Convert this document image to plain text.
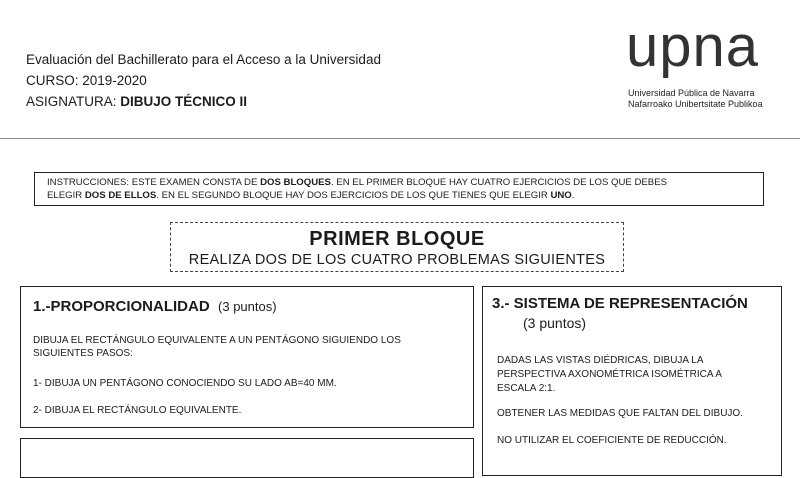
Evaluación del Bachillerato para el Acceso a la Universidad
CURSO: 2019-2020
ASIGNATURA: DIBUJO TÉCNICO II
upna
Universidad Pública de Navarra
Nafarroako Unibertsitate Publikoa
INSTRUCCIONES: ESTE EXAMEN CONSTA DE DOS BLOQUES. EN EL PRIMER BLOQUE HAY CUATRO EJERCICIOS DE LOS QUE DEBES
ELEGIR DOS DE ELLOS. EN EL SEGUNDO BLOQUE HAY DOS EJERCICIOS DE LOS QUE TIENES QUE ELEGIR UNO.
PRIMER BLOQUE
REALIZA DOS DE LOS CUATRO PROBLEMAS SIGUIENTES
1.-PROPORCIONALIDAD (3 puntos)
DIBUJA EL RECTÁNGULO EQUIVALENTE A UN PENTÁGONO SIGUIENDO LOS
SIGUIENTES PASOS:
1- DIBUJA UN PENTÁGONO CONOCIENDO SU LADO AB=40 MM.
2- DIBUJA EL RECTÁNGULO EQUIVALENTE.
3.- SISTEMA DE REPRESENTACIÓN
(3 puntos)
DADAS LAS VISTAS DIÉDRICAS, DIBUJA LA
PERSPECTIVA AXONOMÉTRICA ISOMÉTRICA A
ESCALA 2:1.
OBTENER LAS MEDIDAS QUE FALTAN DEL DIBUJO.
NO UTILIZAR EL COEFICIENTE DE REDUCCIÓN.
